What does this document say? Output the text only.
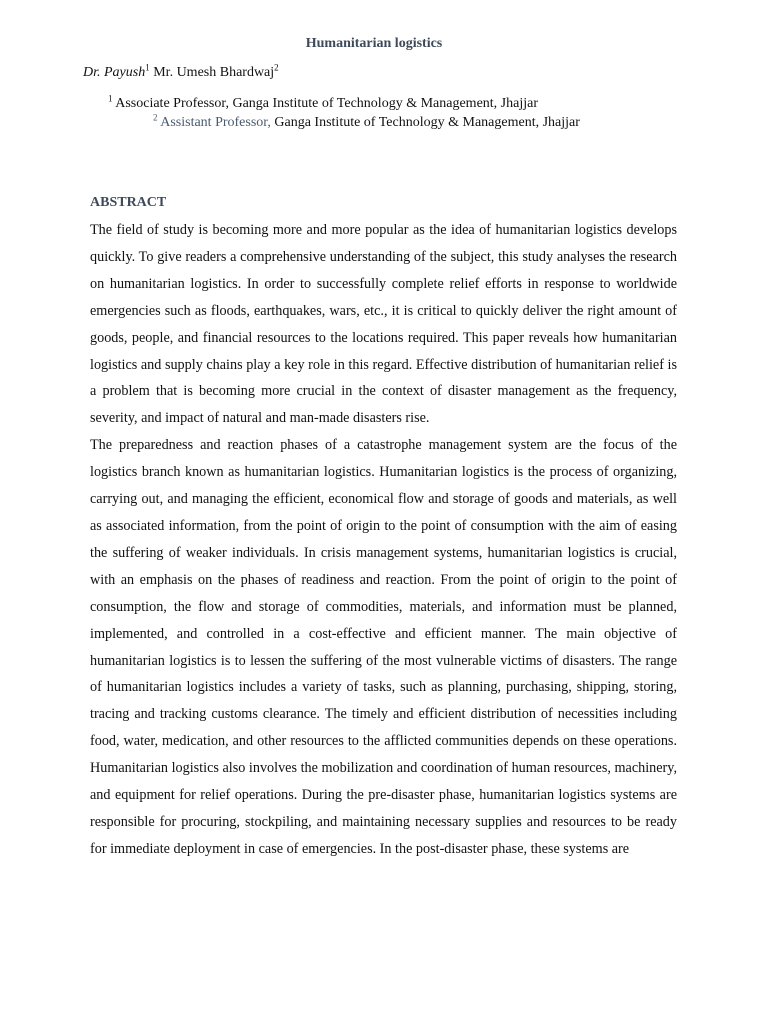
Humanitarian logistics
Dr. Payush$^1$ Mr. Umesh Bhardwaj$^2$
$^1$ Associate Professor, Ganga Institute of Technology & Management, Jhajjar
$^2$ Assistant Professor, Ganga Institute of Technology & Management, Jhajjar
ABSTRACT

The field of study is becoming more and more popular as the idea of humanitarian logistics develops quickly. To give readers a comprehensive understanding of the subject, this study analyses the research on humanitarian logistics. In order to successfully complete relief efforts in response to worldwide emergencies such as floods, earthquakes, wars, etc., it is critical to quickly deliver the right amount of goods, people, and financial resources to the locations required. This paper reveals how humanitarian logistics and supply chains play a key role in this regard. Effective distribution of humanitarian relief is a problem that is becoming more crucial in the context of disaster management as the frequency, severity, and impact of natural and man-made disasters rise.

The preparedness and reaction phases of a catastrophe management system are the focus of the logistics branch known as humanitarian logistics. Humanitarian logistics is the process of organizing, carrying out, and managing the efficient, economical flow and storage of goods and materials, as well as associated information, from the point of origin to the point of consumption with the aim of easing the suffering of weaker individuals. In crisis management systems, humanitarian logistics is crucial, with an emphasis on the phases of readiness and reaction. From the point of origin to the point of consumption, the flow and storage of commodities, materials, and information must be planned, implemented, and controlled in a cost-effective and efficient manner. The main objective of humanitarian logistics is to lessen the suffering of the most vulnerable victims of disasters. The range of humanitarian logistics includes a variety of tasks, such as planning, purchasing, shipping, storing, tracing and tracking customs clearance. The timely and efficient distribution of necessities including food, water, medication, and other resources to the afflicted communities depends on these operations. Humanitarian logistics also involves the mobilization and coordination of human resources, machinery, and equipment for relief operations. During the pre-disaster phase, humanitarian logistics systems are responsible for procuring, stockpiling, and maintaining necessary supplies and resources to be ready for immediate deployment in case of emergencies. In the post-disaster phase, these systems are
